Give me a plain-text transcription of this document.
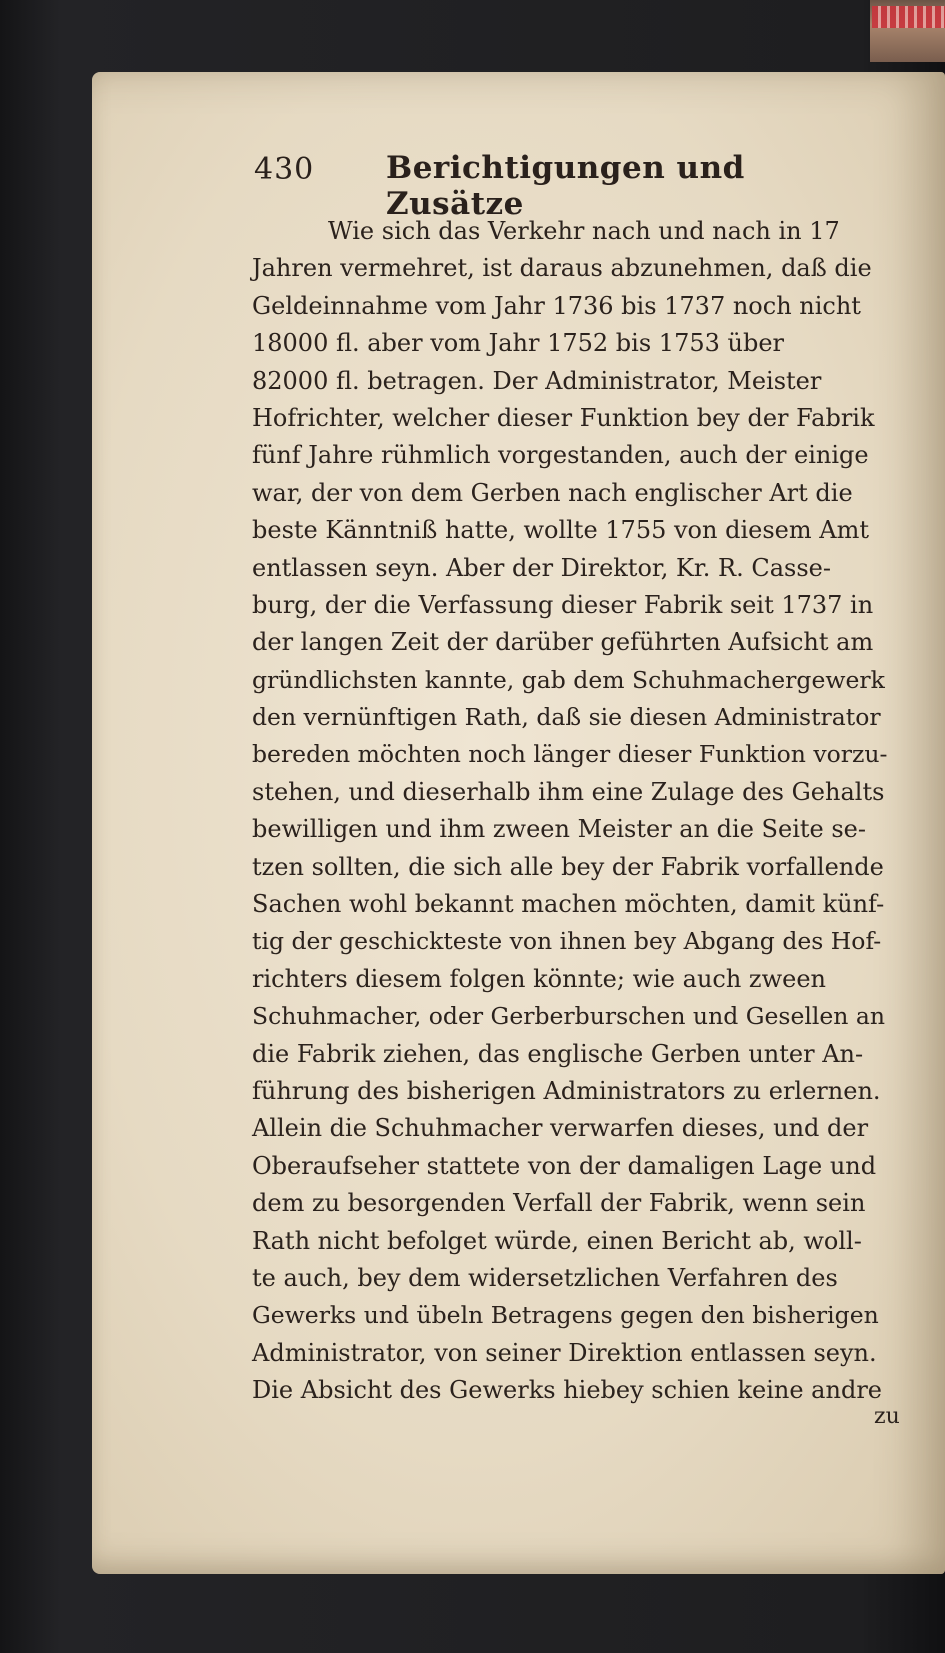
430 Berichtigungen und Zusätze
Wie sich das Verkehr nach und nach in 17
Jahren vermehret, ist daraus abzunehmen, daß die
Geldeinnahme vom Jahr 1736 bis 1737 noch nicht
18000 fl. aber vom Jahr 1752 bis 1753 über
82000 fl. betragen. Der Administrator, Meister
Hofrichter, welcher dieser Funktion bey der Fabrik
fünf Jahre rühmlich vorgestanden, auch der einige
war, der von dem Gerben nach englischer Art die
beste Känntniß hatte, wollte 1755 von diesem Amt
entlassen seyn. Aber der Direktor, Kr. R. Casse-
burg, der die Verfassung dieser Fabrik seit 1737 in
der langen Zeit der darüber geführten Aufsicht am
gründlichsten kannte, gab dem Schuhmachergewerk
den vernünftigen Rath, daß sie diesen Administrator
bereden möchten noch länger dieser Funktion vorzu-
stehen, und dieserhalb ihm eine Zulage des Gehalts
bewilligen und ihm zween Meister an die Seite se-
tzen sollten, die sich alle bey der Fabrik vorfallende
Sachen wohl bekannt machen möchten, damit künf-
tig der geschickteste von ihnen bey Abgang des Hof-
richters diesem folgen könnte; wie auch zween
Schuhmacher, oder Gerberburschen und Gesellen an
die Fabrik ziehen, das englische Gerben unter An-
führung des bisherigen Administrators zu erlernen.
Allein die Schuhmacher verwarfen dieses, und der
Oberaufseher stattete von der damaligen Lage und
dem zu besorgenden Verfall der Fabrik, wenn sein
Rath nicht befolget würde, einen Bericht ab, woll-
te auch, bey dem widersetzlichen Verfahren des
Gewerks und übeln Betragens gegen den bisherigen
Administrator, von seiner Direktion entlassen seyn.
Die Absicht des Gewerks hiebey schien keine andre
zu
